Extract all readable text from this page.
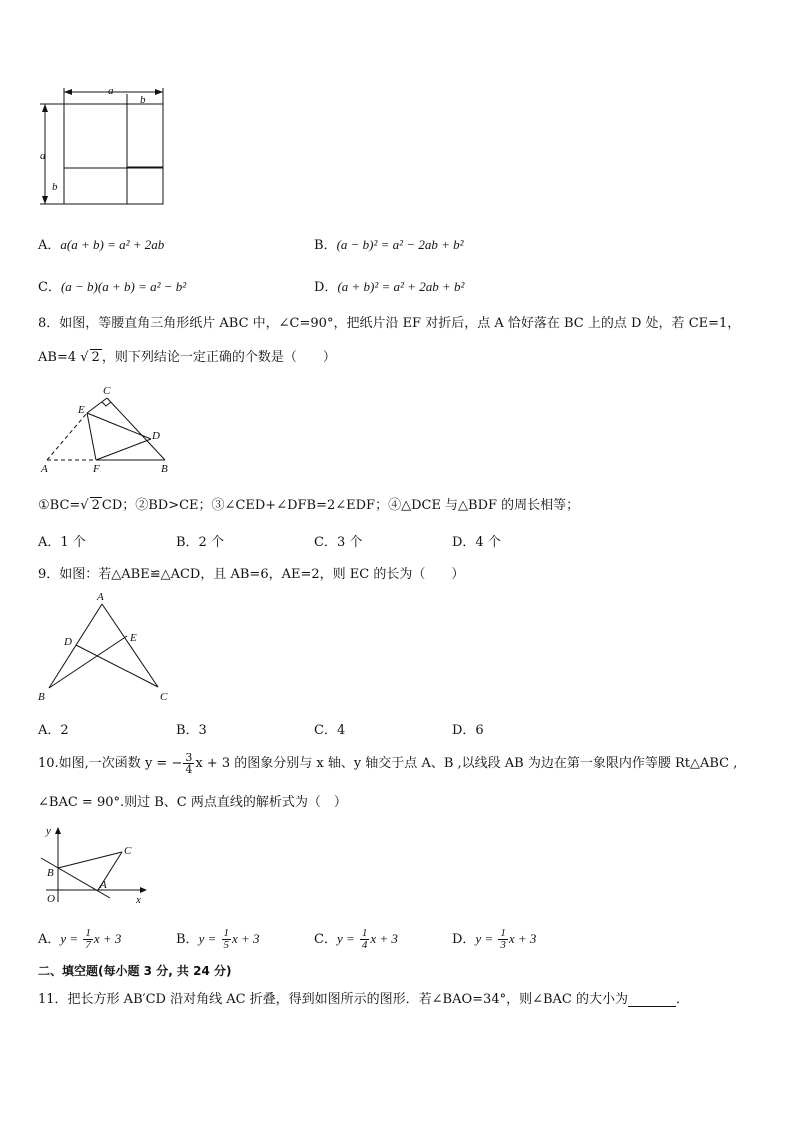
a
b
a
b
A．a(a + b) = a² + 2ab	B．(a − b)² = a² − 2ab + b²
C．(a − b)(a + b) = a² − b²	D．(a + b)² = a² + 2ab + b²
8．如图，等腰直角三角形纸片 ABC 中，∠C=90°，把纸片沿 EF 对折后，点 A 恰好落在 BC 上的点 D 处，若 CE=1，
AB=4 √ 2 ，则下列结论一定正确的个数是（　　）
C
E
D
A	F	B
①BC=√ 2 CD；②BD>CE；③∠CED+∠DFB=2∠EDF；④△DCE 与△BDF 的周长相等；
A．1 个	B．2 个	C．3 个	D．4 个
9．如图：若△ABE≌△ACD，且 AB=6，AE=2，则 EC 的长为（　　）
A
D	E
B	C
A．2	B．3	C．4	D．6
10.如图,一次函数 y = − $\frac{3}{4}$ x + 3 的图象分别与 x 轴、y 轴交于点 A、B ,以线段 AB 为边在第一象限内作等腰 Rt△ABC ,
∠BAC = 90°.则过 B、C 两点直线的解析式为（　）
y
x
O
B
A
C
A．$y = \frac{1}{7}$ x + 3	B．$y = \frac{1}{5}$ x + 3	C．$y = \frac{1}{4}$ x + 3	D．$y = \frac{1}{3}$ x + 3
二、填空题(每小题 3 分, 共 24 分)
11．把长方形 AB′CD 沿对角线 AC 折叠，得到如图所示的图形．若∠BAO=34°，则∠BAC 的大小为	．
